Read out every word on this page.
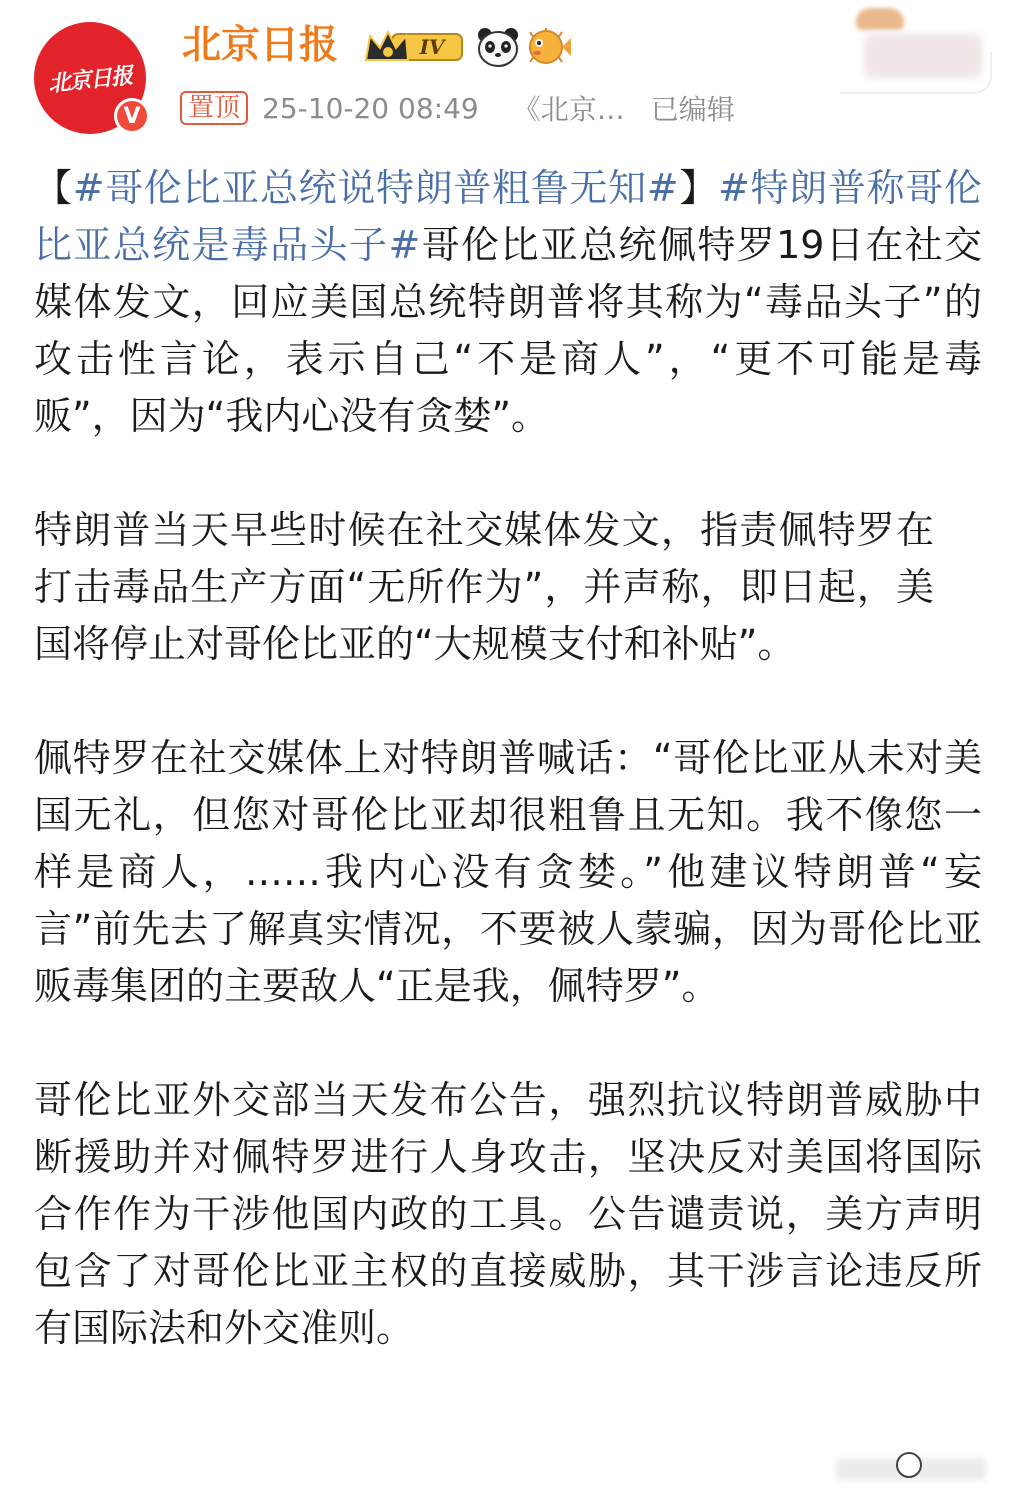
北京日报
V
北京日报	IV
置顶 25-10-20 08:49 《北京… 已编辑

【#哥伦比亚总统说特朗普粗鲁无知#】#特朗普称哥伦比亚总统是毒品头子#哥伦比亚总统佩特罗19日在社交媒体发文，回应美国总统特朗普将其称为“毒品头子”的攻击性言论，表示自己“不是商人”，“更不可能是毒贩”，因为“我内心没有贪婪”。

特朗普当天早些时候在社交媒体发文，指责佩特罗在打击毒品生产方面“无所作为”，并声称，即日起，美国将停止对哥伦比亚的“大规模支付和补贴”。

佩特罗在社交媒体上对特朗普喊话：“哥伦比亚从未对美国无礼，但您对哥伦比亚却很粗鲁且无知。我不像您一样是商人，……我内心没有贪婪。”他建议特朗普“妄言”前先去了解真实情况，不要被人蒙骗，因为哥伦比亚贩毒集团的主要敌人“正是我，佩特罗”。

哥伦比亚外交部当天发布公告，强烈抗议特朗普威胁中断援助并对佩特罗进行人身攻击，坚决反对美国将国际合作作为干涉他国内政的工具。公告谴责说，美方声明包含了对哥伦比亚主权的直接威胁，其干涉言论违反所有国际法和外交准则。
